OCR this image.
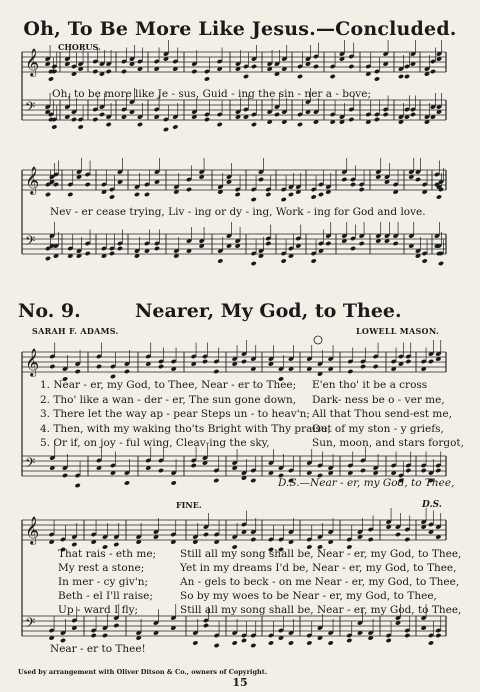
𝄞
𝄢
𝄞
𝄢
𝄞
𝄢
𝄞
𝄢
Oh, To Be More Like Jesus.—Concluded.
CHORUS.
Oh, to be more like Je - sus, Guid - ing the sin - ner a - bove;
Nev - er cease trying, Liv - ing or dy - ing, Work - ing for God and love.
No. 9.	Nearer, My God, to Thee.
SARAH F. ADAMS.	LOWELL MASON.
1. Near - er, my God, to Thee, Near - er to Thee;
2. Tho' like a wan - der - er, The sun gone down,
3. There let the way ap - pear Steps un - to heav'n;
4. Then, with my waking tho'ts Bright with Thy praise,
5. Or if, on joy - ful wing, Cleav-ing the sky,
E'en tho' it be a cross
Dark- ness be o - ver me,
All that Thou send-est me,
Out of my ston - y griefs,
Sun, moon, and stars forgot,
D.S.—Near - er, my God, to Thee,
FINE.	D.S.
That rais - eth me;
My rest a stone;
In mer - cy giv'n;
Beth - el I'll raise;
Up - ward I fly;
Still all my song shall be, Near - er, my God, to Thee,
Yet in my dreams I'd be, Near - er, my God, to Thee,
An - gels to beck - on me Near - er, my God, to Thee,
So by my woes to be Near - er, my God, to Thee,
Still all my song shall be, Near - er, my God, to Thee,
Near - er to Thee!
Used by arrangement with Oliver Ditson & Co., owners of Copyright.
15
